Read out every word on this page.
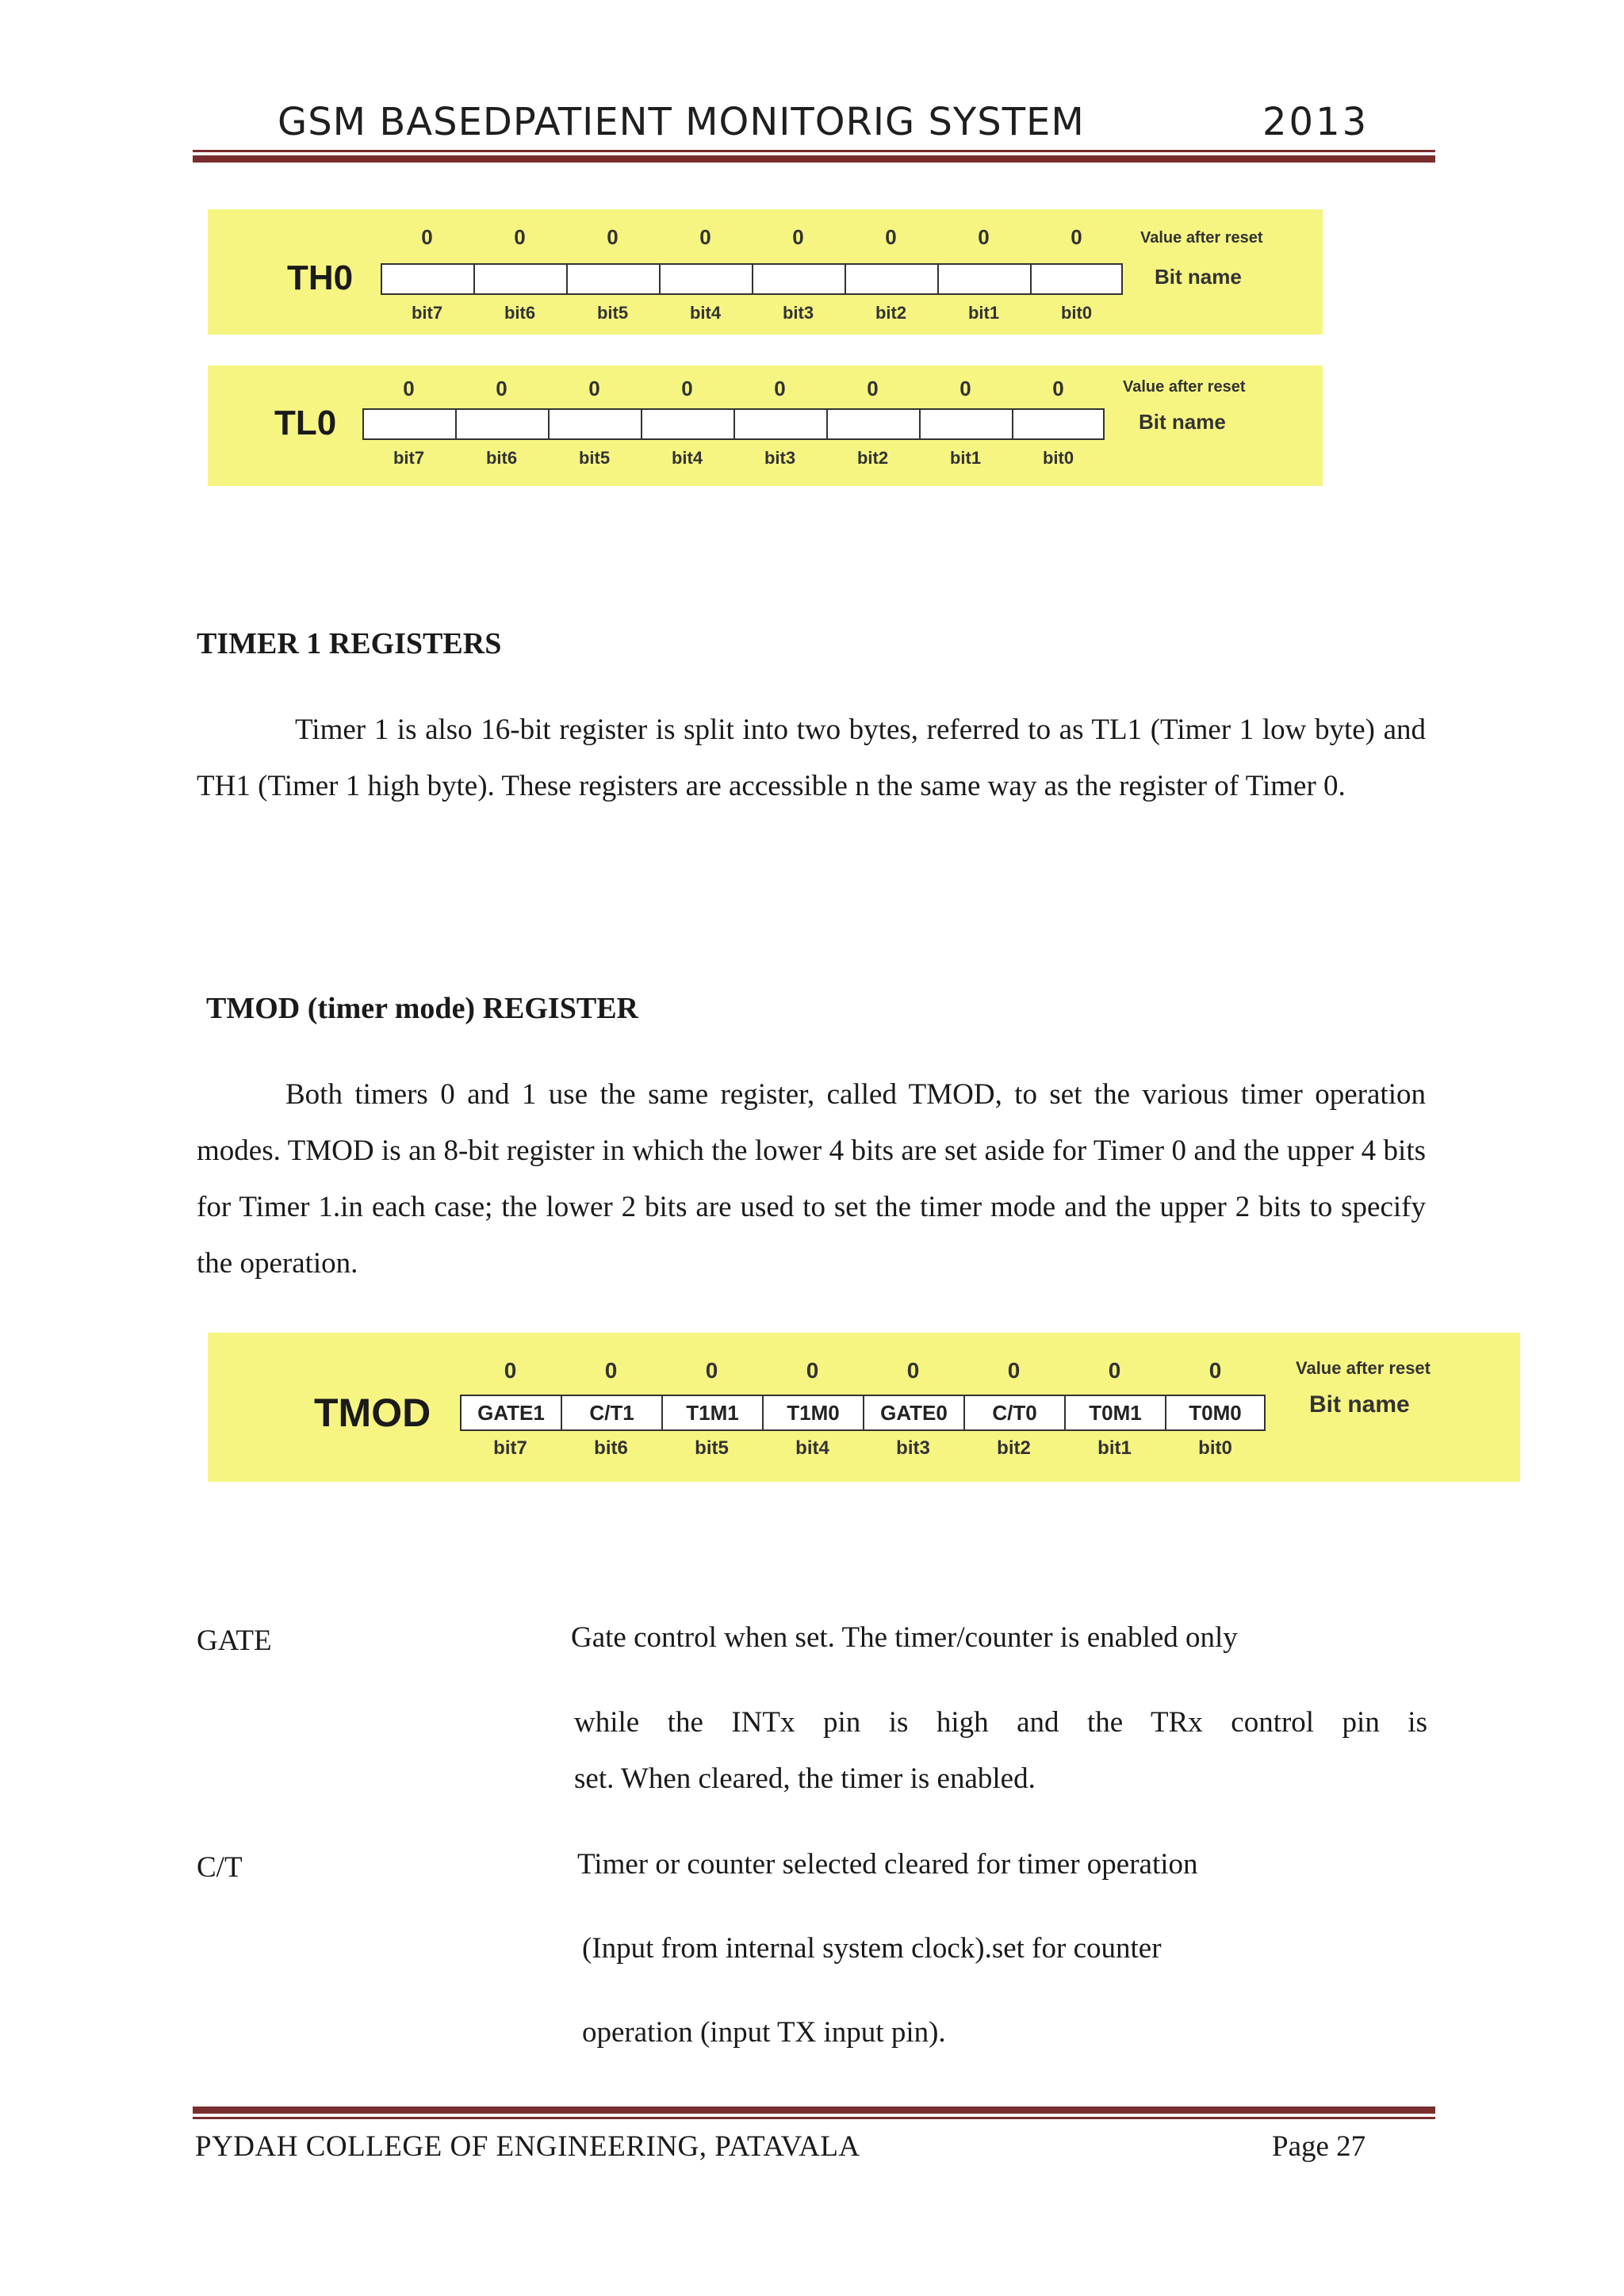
GSM BASEDPATIENT MONITORIG SYSTEM	2013
0	0	0	0	0	0	0	0
TH0
bit7	bit6	bit5	bit4	bit3	bit2	bit1	bit0
Value after reset
Bit name
0	0	0	0	0	0	0	0
TL0
bit7	bit6	bit5	bit4	bit3	bit2	bit1	bit0
Value after reset
Bit name
TIMER 1 REGISTERS
Timer 1 is also 16-bit register is split into two bytes, referred to as TL1 (Timer 1 low byte) and TH1 (Timer 1 high byte). These registers are accessible n the same way as the register of Timer 0.
TMOD (timer mode) REGISTER
Both timers 0 and 1 use the same register, called TMOD, to set the various timer operation modes. TMOD is an 8-bit register in which the lower 4 bits are set aside for Timer 0 and the upper 4 bits for Timer 1.in each case; the lower 2 bits are used to set the timer mode and the upper 2 bits to specify the operation.
0	0	0	0	0	0	0	0
TMOD	GATE1	C/T1	T1M1	T1M0	GATE0	C/T0	T0M1	T0M0
bit7	bit6	bit5	bit4	bit3	bit2	bit1	bit0
Value after reset
Bit name
GATE	Gate control when set. The timer/counter is enabled only
while the INTx pin is high and the TRx control pin is
set. When cleared, the timer is enabled.
C/T	Timer or counter selected cleared for timer operation
(Input from internal system clock).set for counter
operation (input TX input pin).
PYDAH COLLEGE OF ENGINEERING, PATAVALA	Page 27
